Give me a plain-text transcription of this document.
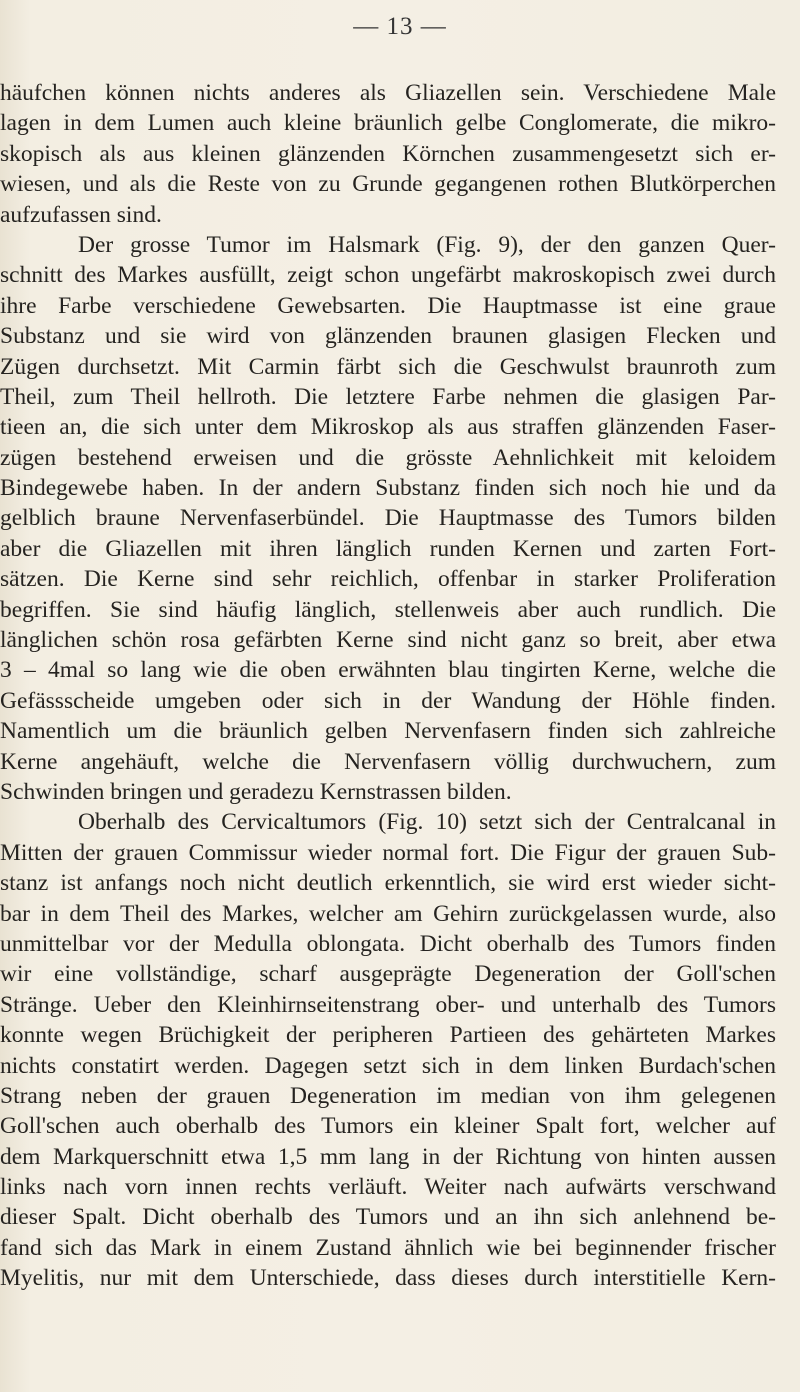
— 13 —
häufchen können nichts anderes als Gliazellen sein. Verschiedene Male
lagen in dem Lumen auch kleine bräunlich gelbe Conglomerate, die mikro-
skopisch als aus kleinen glänzenden Körnchen zusammengesetzt sich er-
wiesen, und als die Reste von zu Grunde gegangenen rothen Blutkörperchen
aufzufassen sind.
Der grosse Tumor im Halsmark (Fig. 9), der den ganzen Quer-
schnitt des Markes ausfüllt, zeigt schon ungefärbt makroskopisch zwei durch
ihre Farbe verschiedene Gewebsarten. Die Hauptmasse ist eine graue
Substanz und sie wird von glänzenden braunen glasigen Flecken und
Zügen durchsetzt. Mit Carmin färbt sich die Geschwulst braunroth zum
Theil, zum Theil hellroth. Die letztere Farbe nehmen die glasigen Par-
tieen an, die sich unter dem Mikroskop als aus straffen glänzenden Faser-
zügen bestehend erweisen und die grösste Aehnlichkeit mit keloidem
Bindegewebe haben. In der andern Substanz finden sich noch hie und da
gelblich braune Nervenfaserbündel. Die Hauptmasse des Tumors bilden
aber die Gliazellen mit ihren länglich runden Kernen und zarten Fort-
sätzen. Die Kerne sind sehr reichlich, offenbar in starker Proliferation
begriffen. Sie sind häufig länglich, stellenweis aber auch rundlich. Die
länglichen schön rosa gefärbten Kerne sind nicht ganz so breit, aber etwa
3 – 4mal so lang wie die oben erwähnten blau tingirten Kerne, welche die
Gefässscheide umgeben oder sich in der Wandung der Höhle finden.
Namentlich um die bräunlich gelben Nervenfasern finden sich zahlreiche
Kerne angehäuft, welche die Nervenfasern völlig durchwuchern, zum
Schwinden bringen und geradezu Kernstrassen bilden.
Oberhalb des Cervicaltumors (Fig. 10) setzt sich der Centralcanal in
Mitten der grauen Commissur wieder normal fort. Die Figur der grauen Sub-
stanz ist anfangs noch nicht deutlich erkenntlich, sie wird erst wieder sicht-
bar in dem Theil des Markes, welcher am Gehirn zurückgelassen wurde, also
unmittelbar vor der Medulla oblongata. Dicht oberhalb des Tumors finden
wir eine vollständige, scharf ausgeprägte Degeneration der Goll'schen
Stränge. Ueber den Kleinhirnseitenstrang ober- und unterhalb des Tumors
konnte wegen Brüchigkeit der peripheren Partieen des gehärteten Markes
nichts constatirt werden. Dagegen setzt sich in dem linken Burdach'schen
Strang neben der grauen Degeneration im median von ihm gelegenen
Goll'schen auch oberhalb des Tumors ein kleiner Spalt fort, welcher auf
dem Markquerschnitt etwa 1,5 mm lang in der Richtung von hinten aussen
links nach vorn innen rechts verläuft. Weiter nach aufwärts verschwand
dieser Spalt. Dicht oberhalb des Tumors und an ihn sich anlehnend be-
fand sich das Mark in einem Zustand ähnlich wie bei beginnender frischer
Myelitis, nur mit dem Unterschiede, dass dieses durch interstitielle Kern-
